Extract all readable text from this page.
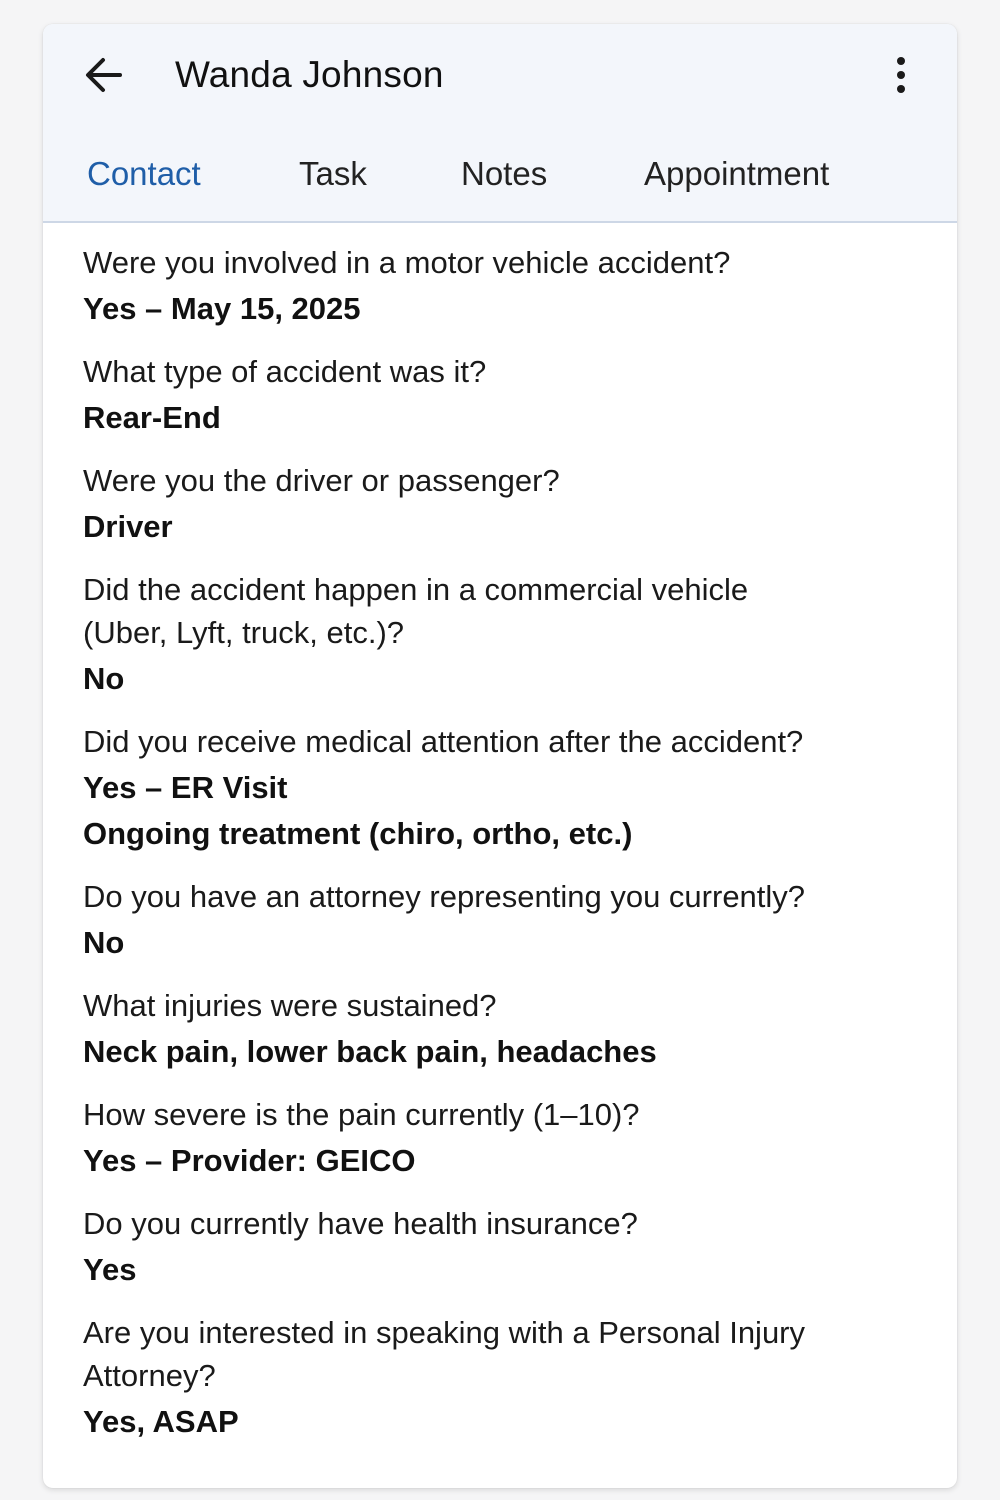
Wanda Johnson
Contact	Task	Notes	Appointment

Were you involved in a motor vehicle accident?

Yes – May 15, 2025

What type of accident was it?

Rear-End

Were you the driver or passenger?

Driver

Did the accident happen in a commercial vehicle

(Uber, Lyft, truck, etc.)?

No

Did you receive medical attention after the accident?

Yes – ER Visit

Ongoing treatment (chiro, ortho, etc.)

Do you have an attorney representing you currently?

No

What injuries were sustained?

Neck pain, lower back pain, headaches

How severe is the pain currently (1–10)?

Yes – Provider: GEICO

Do you currently have health insurance?

Yes

Are you interested in speaking with a Personal Injury

Attorney?

Yes, ASAP
